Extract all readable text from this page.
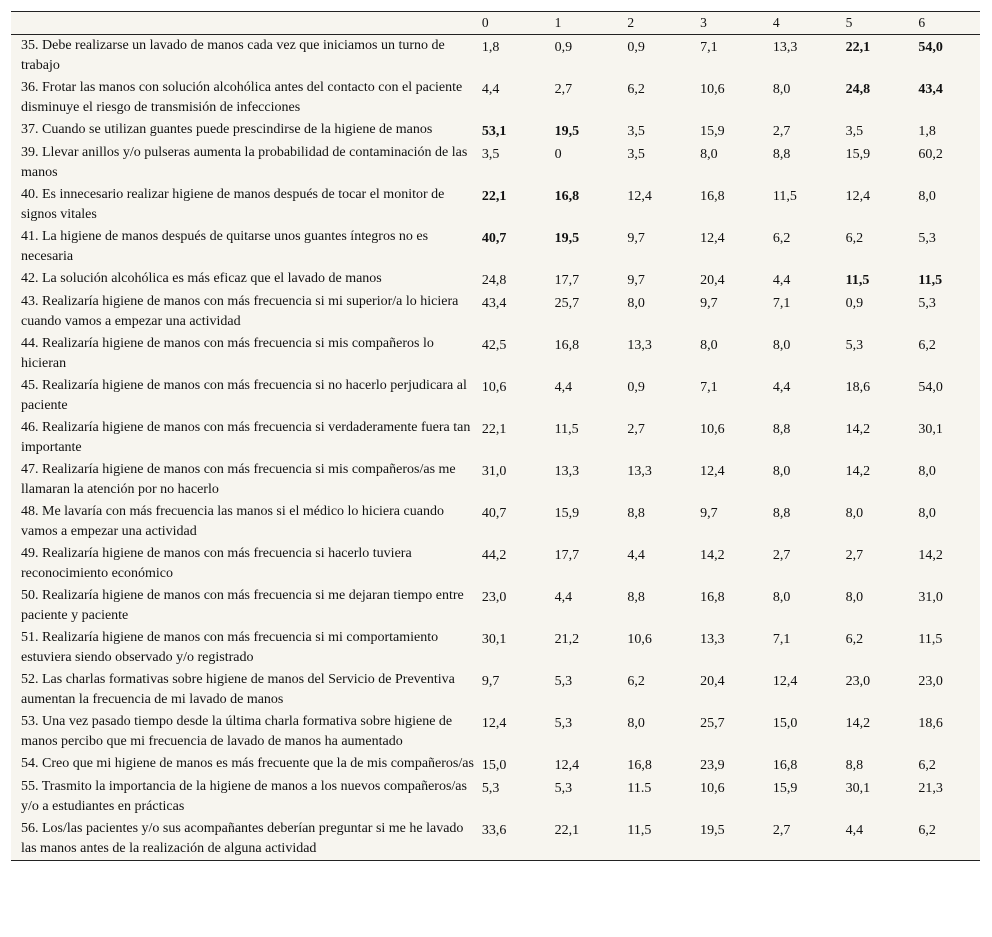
	0	1	2	3	4	5	6
35. Debe realizarse un lavado de manos cada vez que iniciamos un turno de trabajo	1,8	0,9	0,9	7,1	13,3	22,1	54,0
36. Frotar las manos con solución alcohólica antes del contacto con el paciente disminuye el riesgo de transmisión de infecciones	4,4	2,7	6,2	10,6	8,0	24,8	43,4
37. Cuando se utilizan guantes puede prescindirse de la higiene de manos	53,1	19,5	3,5	15,9	2,7	3,5	1,8
39. Llevar anillos y/o pulseras aumenta la probabilidad de contaminación de las manos	3,5	0	3,5	8,0	8,8	15,9	60,2
40. Es innecesario realizar higiene de manos después de tocar el monitor de signos vitales	22,1	16,8	12,4	16,8	11,5	12,4	8,0
41. La higiene de manos después de quitarse unos guantes íntegros no es necesaria	40,7	19,5	9,7	12,4	6,2	6,2	5,3
42. La solución alcohólica es más eficaz que el lavado de manos	24,8	17,7	9,7	20,4	4,4	11,5	11,5
43. Realizaría higiene de manos con más frecuencia si mi superior/a lo hiciera cuando vamos a empezar una actividad	43,4	25,7	8,0	9,7	7,1	0,9	5,3
44. Realizaría higiene de manos con más frecuencia si mis compañeros lo hicieran	42,5	16,8	13,3	8,0	8,0	5,3	6,2
45. Realizaría higiene de manos con más frecuencia si no hacerlo perjudicara al paciente	10,6	4,4	0,9	7,1	4,4	18,6	54,0
46. Realizaría higiene de manos con más frecuencia si verdaderamente fuera tan importante	22,1	11,5	2,7	10,6	8,8	14,2	30,1
47. Realizaría higiene de manos con más frecuencia si mis compañeros/as me llamaran la atención por no hacerlo	31,0	13,3	13,3	12,4	8,0	14,2	8,0
48. Me lavaría con más frecuencia las manos si el médico lo hiciera cuando vamos a empezar una actividad	40,7	15,9	8,8	9,7	8,8	8,0	8,0
49. Realizaría higiene de manos con más frecuencia si hacerlo tuviera reconocimiento económico	44,2	17,7	4,4	14,2	2,7	2,7	14,2
50. Realizaría higiene de manos con más frecuencia si me dejaran tiempo entre paciente y paciente	23,0	4,4	8,8	16,8	8,0	8,0	31,0
51. Realizaría higiene de manos con más frecuencia si mi comportamiento estuviera siendo observado y/o registrado	30,1	21,2	10,6	13,3	7,1	6,2	11,5
52. Las charlas formativas sobre higiene de manos del Servicio de Preventiva aumentan la frecuencia de mi lavado de manos	9,7	5,3	6,2	20,4	12,4	23,0	23,0
53. Una vez pasado tiempo desde la última charla formativa sobre higiene de manos percibo que mi frecuencia de lavado de manos ha aumentado	12,4	5,3	8,0	25,7	15,0	14,2	18,6
54. Creo que mi higiene de manos es más frecuente que la de mis compañeros/as	15,0	12,4	16,8	23,9	16,8	8,8	6,2
55. Trasmito la importancia de la higiene de manos a los nuevos compañeros/as y/o a estudiantes en prácticas	5,3	5,3	11.5	10,6	15,9	30,1	21,3
56. Los/las pacientes y/o sus acompañantes deberían preguntar si me he lavado las manos antes de la realización de alguna actividad	33,6	22,1	11,5	19,5	2,7	4,4	6,2
